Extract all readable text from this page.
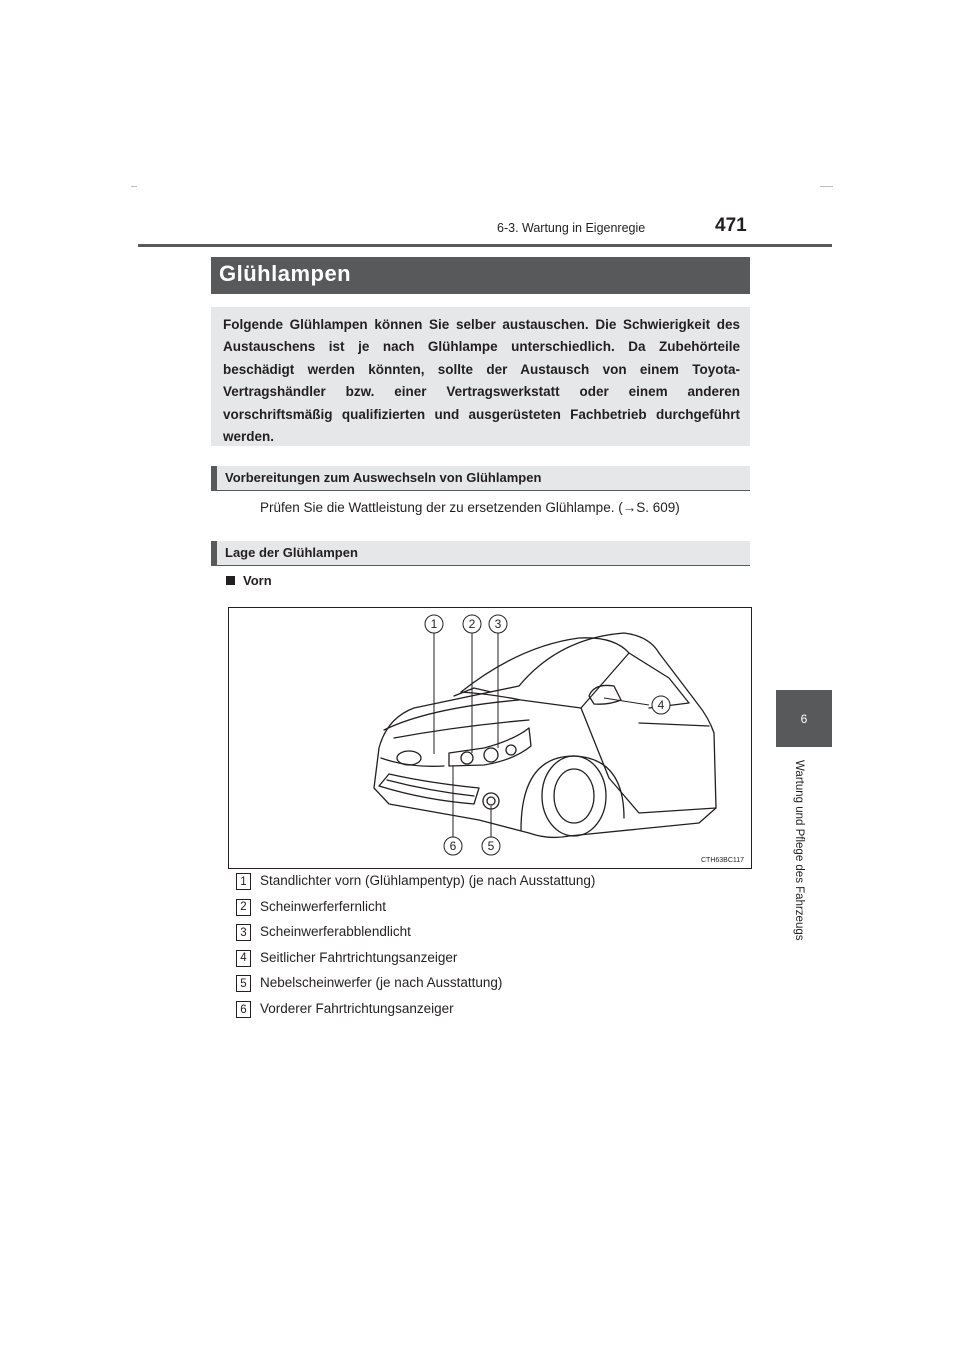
6-3. Wartung in Eigenregie	471
6
Wartung und Pflege des Fahrzeugs
Glühlampen

Folgende Glühlampen können Sie selber austauschen. Die Schwierigkeit des Austauschens ist je nach Glühlampe unterschiedlich. Da Zubehörteile beschädigt werden könnten, sollte der Austausch von einem Toyota-Vertragshändler bzw. einer Vertragswerkstatt oder einem anderen vorschriftsmäßig qualifizierten und ausgerüsteten Fachbetrieb durchgeführt werden.

Vorbereitungen zum Auswechseln von Glühlampen
Prüfen Sie die Wattleistung der zu ersetzenden Glühlampe. (→S. 609)
Lage der Glühlampen
Vorn
1	2 3
4
5
6
CTH63BC117
1 Standlichter vorn (Glühlampentyp) (je nach Ausstattung)
2 Scheinwerferfernlicht
3 Scheinwerferabblendlicht
4 Seitlicher Fahrtrichtungsanzeiger
5 Nebelscheinwerfer (je nach Ausstattung)
6 Vorderer Fahrtrichtungsanzeiger
